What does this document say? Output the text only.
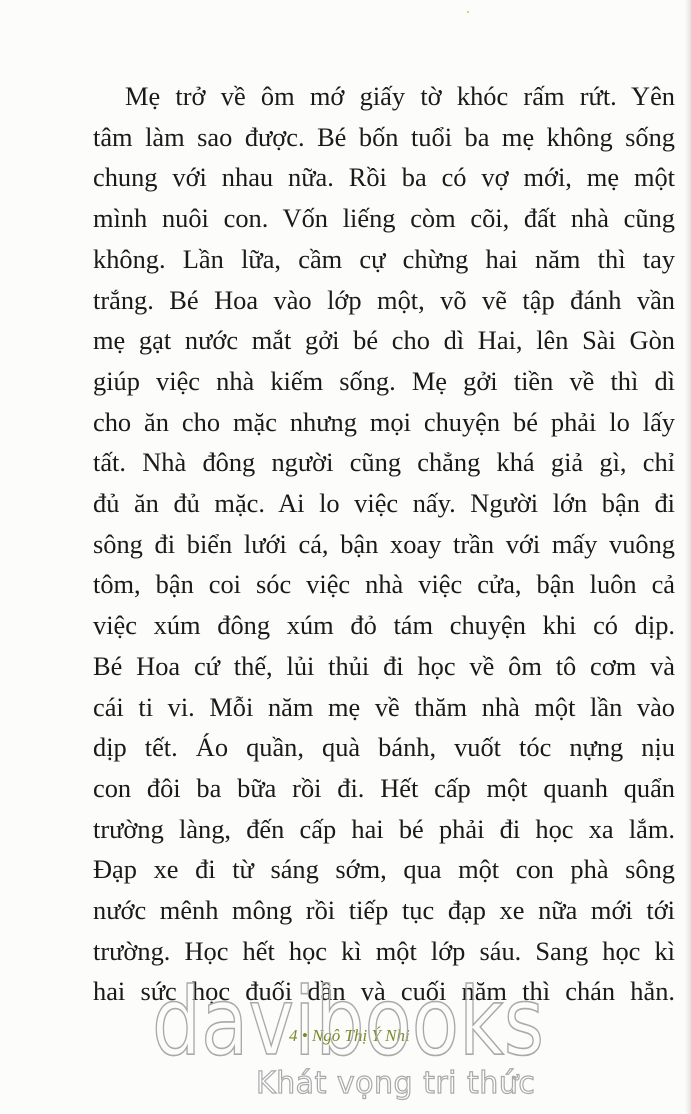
Mẹ trở về ôm mớ giấy tờ khóc rấm rứt. Yên
tâm làm sao được. Bé bốn tuổi ba mẹ không sống
chung với nhau nữa. Rồi ba có vợ mới, mẹ một
mình nuôi con. Vốn liếng còm cõi, đất nhà cũng
không. Lần lữa, cầm cự chừng hai năm thì tay
trắng. Bé Hoa vào lớp một, võ vẽ tập đánh vần
mẹ gạt nước mắt gởi bé cho dì Hai, lên Sài Gòn
giúp việc nhà kiếm sống. Mẹ gởi tiền về thì dì
cho ăn cho mặc nhưng mọi chuyện bé phải lo lấy
tất. Nhà đông người cũng chẳng khá giả gì, chỉ
đủ ăn đủ mặc. Ai lo việc nấy. Người lớn bận đi
sông đi biển lưới cá, bận xoay trần với mấy vuông
tôm, bận coi sóc việc nhà việc cửa, bận luôn cả
việc xúm đông xúm đỏ tám chuyện khi có dịp.
Bé Hoa cứ thế, lủi thủi đi học về ôm tô cơm và
cái ti vi. Mỗi năm mẹ về thăm nhà một lần vào
dịp tết. Áo quần, quà bánh, vuốt tóc nựng nịu
con đôi ba bữa rồi đi. Hết cấp một quanh quẩn
trường làng, đến cấp hai bé phải đi học xa lắm.
Đạp xe đi từ sáng sớm, qua một con phà sông
nước mênh mông rồi tiếp tục đạp xe nữa mới tới
trường. Học hết học kì một lớp sáu. Sang học kì
hai sức học đuối dần và cuối năm thì chán hẳn.
4 • Ngô Thị Ý Nhi
davibooks
Khát vọng tri thức
